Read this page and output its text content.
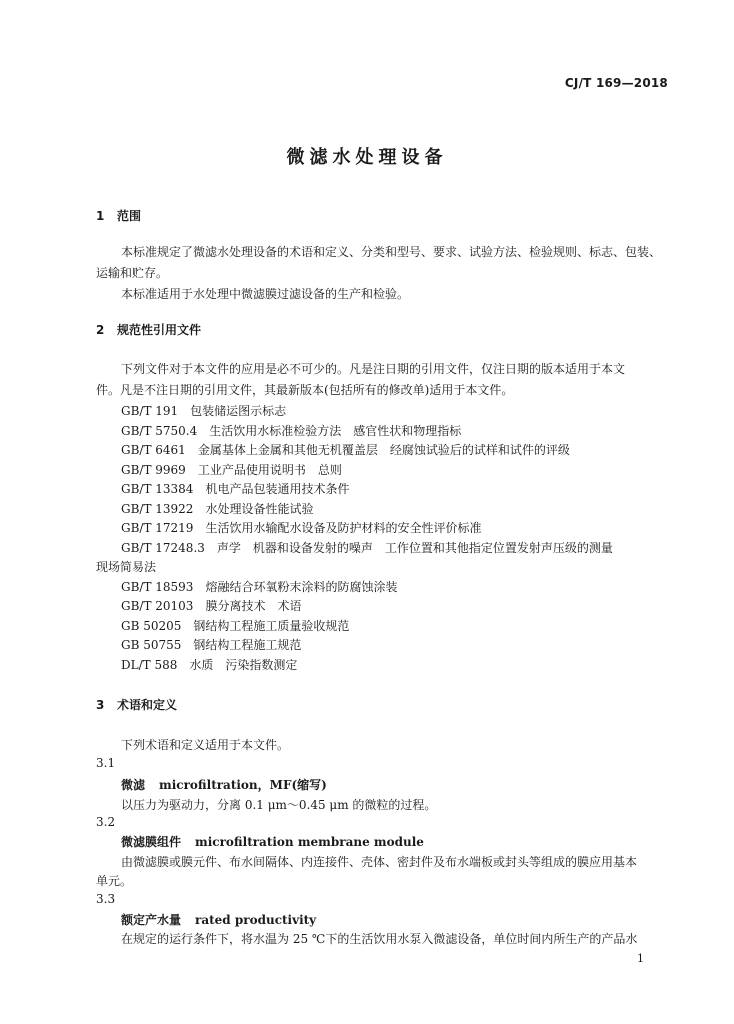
CJ/T 169—2018
微滤水处理设备
1 范围
本标准规定了微滤水处理设备的术语和定义、分类和型号、要求、试验方法、检验规则、标志、包装、
运输和贮存。
本标准适用于水处理中微滤膜过滤设备的生产和检验。
2 规范性引用文件
下列文件对于本文件的应用是必不可少的。凡是注日期的引用文件，仅注日期的版本适用于本文
件。凡是不注日期的引用文件，其最新版本(包括所有的修改单)适用于本文件。
GB/T 191 包装储运图示标志
GB/T 5750.4 生活饮用水标准检验方法　感官性状和物理指标
GB/T 6461 金属基体上金属和其他无机覆盖层　经腐蚀试验后的试样和试件的评级
GB/T 9969 工业产品使用说明书　总则
GB/T 13384 机电产品包装通用技术条件
GB/T 13922 水处理设备性能试验
GB/T 17219 生活饮用水输配水设备及防护材料的安全性评价标准
GB/T 17248.3 声学　机器和设备发射的噪声　工作位置和其他指定位置发射声压级的测量
现场简易法
GB/T 18593 熔融结合环氧粉末涂料的防腐蚀涂装
GB/T 20103 膜分离技术　术语
GB 50205 钢结构工程施工质量验收规范
GB 50755 钢结构工程施工规范
DL/T 588 水质　污染指数测定
3 术语和定义
下列术语和定义适用于本文件。
3.1
微滤 microfiltration，MF(缩写)
以压力为驱动力，分离 0.1 μm～0.45 μm 的微粒的过程。
3.2
微滤膜组件 microfiltration membrane module
由微滤膜或膜元件、布水间隔体、内连接件、壳体、密封件及布水端板或封头等组成的膜应用基本
单元。
3.3
额定产水量 rated productivity
在规定的运行条件下，将水温为 25 ℃下的生活饮用水泵入微滤设备，单位时间内所生产的产品水
1
